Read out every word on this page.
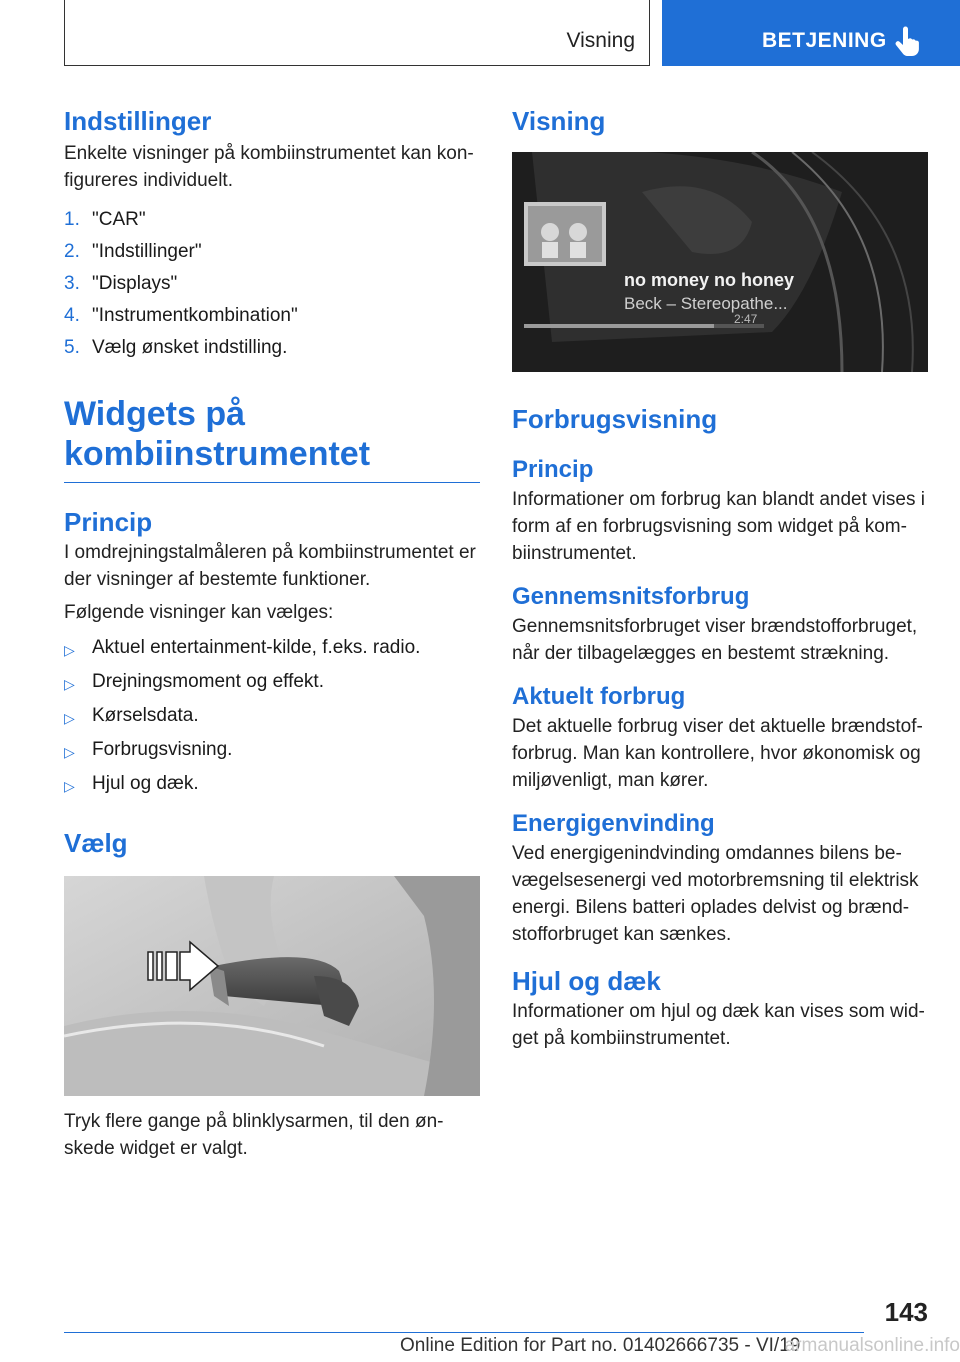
Visning	BETJENING
Indstillinger

Enkelte visninger på kombiinstrumentet kan kon‐figureres individuelt.

1. "CAR"
2. "Indstillinger"
3. "Displays"
4. "Instrumentkombination"
5. Vælg ønsket indstilling.
Widgets på kombiinstrumentet
Princip

I omdrejningstalmåleren på kombiinstrumentet er der visninger af bestemte funktioner.

Følgende visninger kan vælges:

▷ Aktuel entertainment-kilde, f.eks. radio.
▷ Drejningsmoment og effekt.
▷ Kørselsdata.
▷ Forbrugsvisning.
▷ Hjul og dæk.
Vælg

Tryk flere gange på blinklysarmen, til den øn‐skede widget er valgt.

Visning
no money no honey
Beck – Stereopathe...
2:47
Forbrugsvisning
Princip

Informationer om forbrug kan blandt andet vises i form af en forbrugsvisning som widget på kom‐biinstrumentet.

Gennemsnitsforbrug

Gennemsnitsforbruget viser brændstofforbruget, når der tilbagelægges en bestemt strækning.

Aktuelt forbrug

Det aktuelle forbrug viser det aktuelle brændstof‐forbrug. Man kan kontrollere, hvor økonomisk og miljøvenligt, man kører.

Energigenvinding

Ved energigenindvinding omdannes bilens be‐vægelsesenergi ved motorbremsning til elektrisk energi. Bilens batteri oplades delvist og brænd‐stofforbruget kan sænkes.

Hjul og dæk

Informationer om hjul og dæk kan vises som wid‐get på kombiinstrumentet.

143
Online Edition for Part no. 01402666735 - VI/19
armanualsonline.info
